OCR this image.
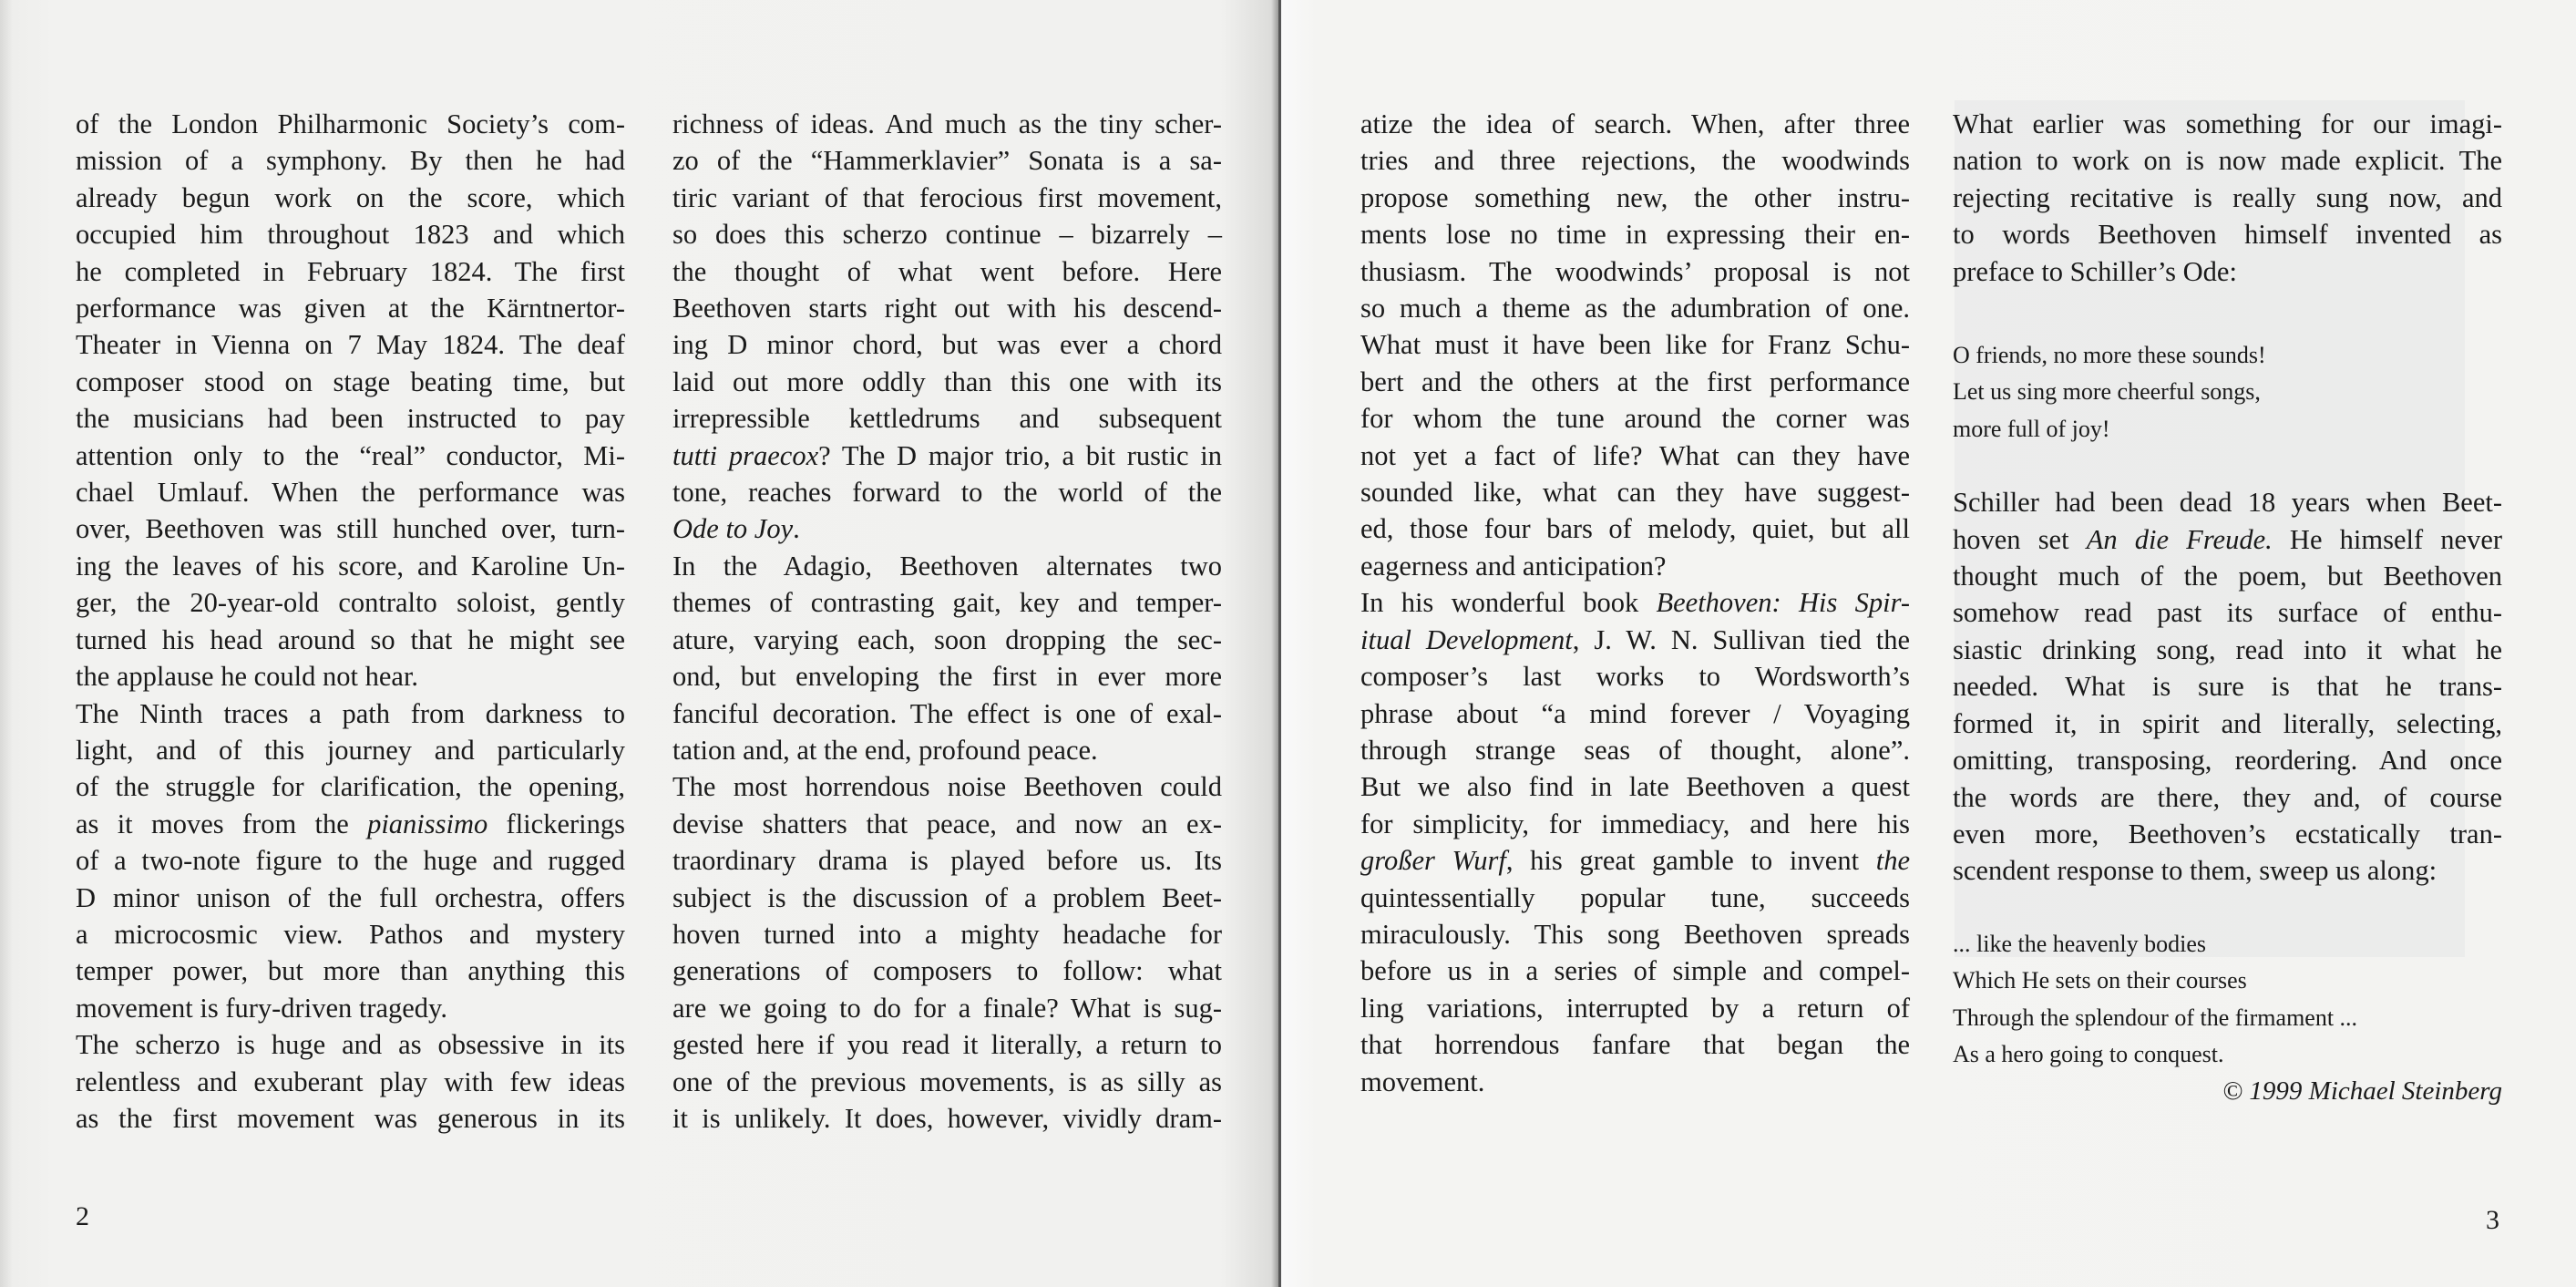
of the London Philharmonic Society’s com-
mission of a symphony. By then he had
already begun work on the score, which
occupied him throughout 1823 and which
he completed in February 1824. The first
performance was given at the Kärntnertor-
Theater in Vienna on 7 May 1824. The deaf
composer stood on stage beating time, but
the musicians had been instructed to pay
attention only to the “real” conductor, Mi-
chael Umlauf. When the performance was
over, Beethoven was still hunched over, turn-
ing the leaves of his score, and Karoline Un-
ger, the 20-year-old contralto soloist, gently
turned his head around so that he might see
the applause he could not hear.
The Ninth traces a path from darkness to
light, and of this journey and particularly
of the struggle for clarification, the opening,
as it moves from the pianissimo flickerings
of a two-note figure to the huge and rugged
D minor unison of the full orchestra, offers
a microcosmic view. Pathos and mystery
temper power, but more than anything this
movement is fury-driven tragedy.
The scherzo is huge and as obsessive in its
relentless and exuberant play with few ideas
as the first movement was generous in its
richness of ideas. And much as the tiny scher-
zo of the “Hammerklavier” Sonata is a sa-
tiric variant of that ferocious first movement,
so does this scherzo continue – bizarrely –
the thought of what went before. Here
Beethoven starts right out with his descend-
ing D minor chord, but was ever a chord
laid out more oddly than this one with its
irrepressible kettledrums and subsequent
tutti praecox? The D major trio, a bit rustic in
tone, reaches forward to the world of the
Ode to Joy.
In the Adagio, Beethoven alternates two
themes of contrasting gait, key and temper-
ature, varying each, soon dropping the sec-
ond, but enveloping the first in ever more
fanciful decoration. The effect is one of exal-
tation and, at the end, profound peace.
The most horrendous noise Beethoven could
devise shatters that peace, and now an ex-
traordinary drama is played before us. Its
subject is the discussion of a problem Beet-
hoven turned into a mighty headache for
generations of composers to follow: what
are we going to do for a finale? What is sug-
gested here if you read it literally, a return to
one of the previous movements, is as silly as
it is unlikely. It does, however, vividly dram-
atize the idea of search. When, after three
tries and three rejections, the woodwinds
propose something new, the other instru-
ments lose no time in expressing their en-
thusiasm. The woodwinds’ proposal is not
so much a theme as the adumbration of one.
What must it have been like for Franz Schu-
bert and the others at the first performance
for whom the tune around the corner was
not yet a fact of life? What can they have
sounded like, what can they have suggest-
ed, those four bars of melody, quiet, but all
eagerness and anticipation?
In his wonderful book Beethoven: His Spir-
itual Development, J. W. N. Sullivan tied the
composer’s last works to Wordsworth’s
phrase about “a mind forever / Voyaging
through strange seas of thought, alone”.
But we also find in late Beethoven a quest
for simplicity, for immediacy, and here his
großer Wurf, his great gamble to invent the
quintessentially popular tune, succeeds
miraculously. This song Beethoven spreads
before us in a series of simple and compel-
ling variations, interrupted by a return of
that horrendous fanfare that began the
movement.
What earlier was something for our imagi-
nation to work on is now made explicit. The
rejecting recitative is really sung now, and
to words Beethoven himself invented as
preface to Schiller’s Ode:
O friends, no more these sounds!
Let us sing more cheerful songs,
more full of joy!
Schiller had been dead 18 years when Beet-
hoven set An die Freude. He himself never
thought much of the poem, but Beethoven
somehow read past its surface of enthu-
siastic drinking song, read into it what he
needed. What is sure is that he trans-
formed it, in spirit and literally, selecting,
omitting, transposing, reordering. And once
the words are there, they and, of course
even more, Beethoven’s ecstatically tran-
scendent response to them, sweep us along:
... like the heavenly bodies
Which He sets on their courses
Through the splendour of the firmament ...
As a hero going to conquest.
© 1999 Michael Steinberg
2	3
